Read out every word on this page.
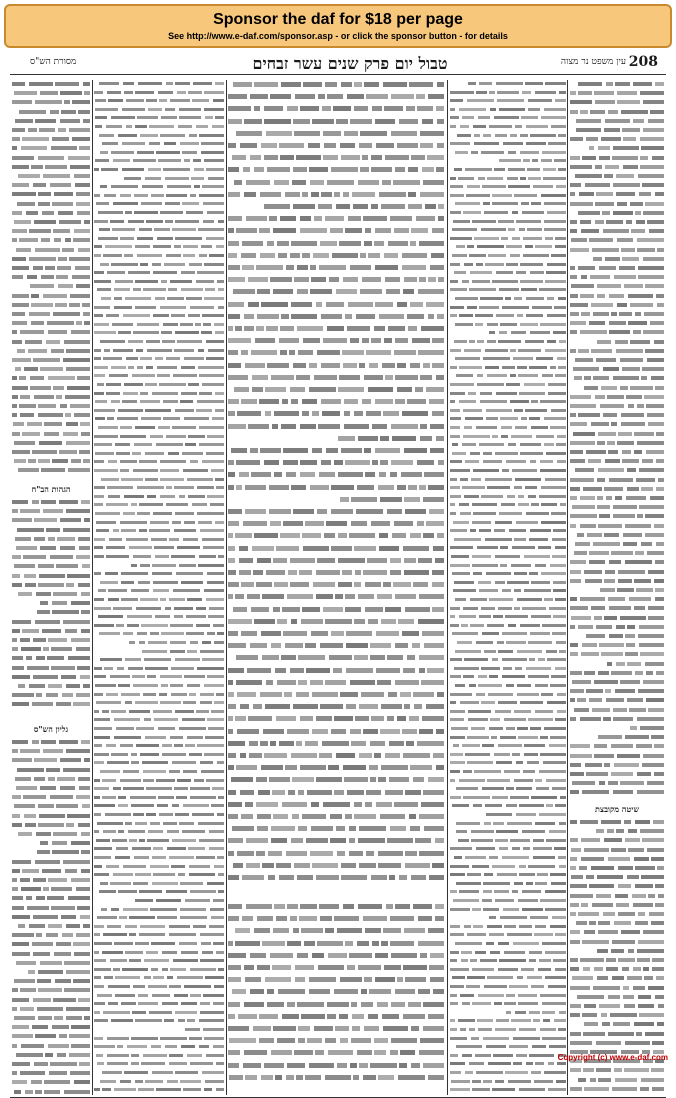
Sponsor the daf for $18 per page
See http://www.e-daf.com/sponsor.asp - or click the sponsor button - for details
208
עין משפט נר מצוה
טבול יום פרק שנים עשר זבחים
מסורת הש"ס
שיטה מקובצת
הגהות הב"ח
גליון הש"ס
Copyright (c) www.e-daf.com
